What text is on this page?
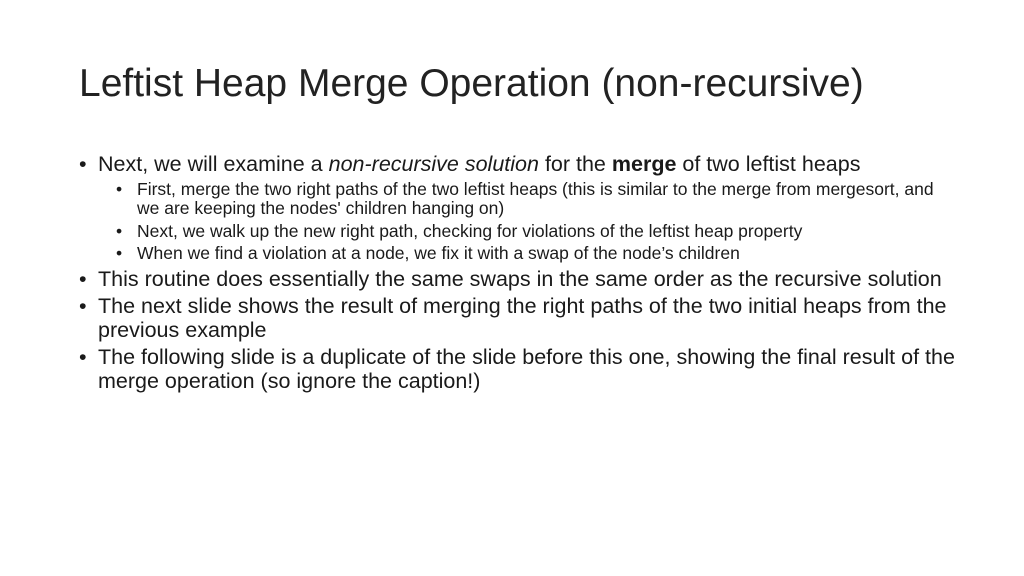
Leftist Heap Merge Operation (non-recursive)
• Next, we will examine a non-recursive solution for the merge of two leftist heaps
• First, merge the two right paths of the two leftist heaps (this is similar to the merge from mergesort, and we are keeping the nodes' children hanging on)
• Next, we walk up the new right path, checking for violations of the leftist heap property
• When we find a violation at a node, we fix it with a swap of the node’s children
• This routine does essentially the same swaps in the same order as the recursive solution
• The next slide shows the result of merging the right paths of the two initial heaps from the previous example
• The following slide is a duplicate of the slide before this one, showing the final result of the merge operation (so ignore the caption!)
